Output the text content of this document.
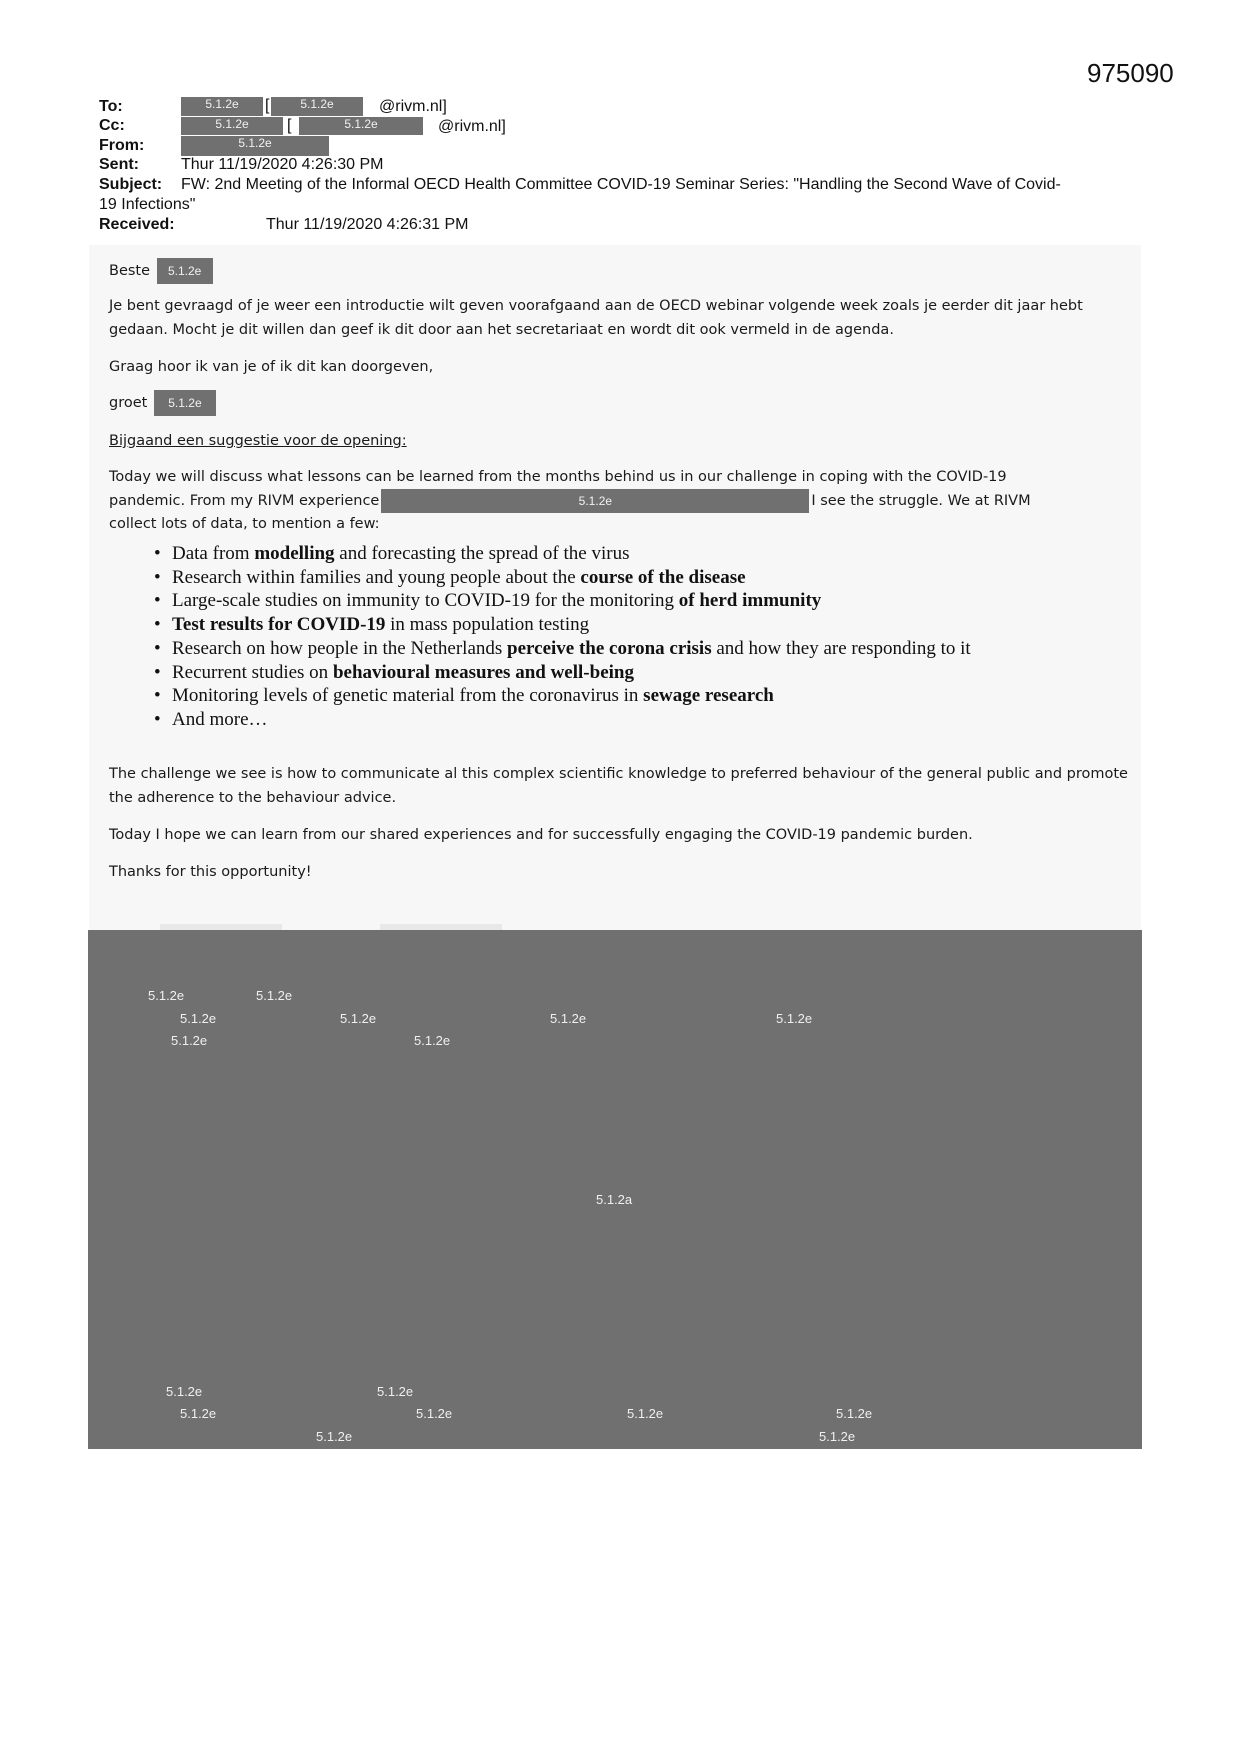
975090
To:	5.1.2e	[	5.1.2e	@rivm.nl]
Cc:	5.1.2e	[	5.1.2e	@rivm.nl]
From:	5.1.2e
Sent:	Thur 11/19/2020 4:26:30 PM
Subject: FW: 2nd Meeting of the Informal OECD Health Committee COVID-19 Seminar Series: "Handling the Second Wave of Covid-
19 Infections"
Received:	Thur 11/19/2020 4:26:31 PM
Beste 5.1.2e
Je bent gevraagd of je weer een introductie wilt geven voorafgaand aan de OECD webinar volgende week zoals je eerder dit jaar hebt gedaan. Mocht je dit willen dan geef ik dit door aan het secretariaat en wordt dit ook vermeld in de agenda.
Graag hoor ik van je of ik dit kan doorgeven,
groet 5.1.2e
Bijgaand een suggestie voor de opening:
Today we will discuss what lessons can be learned from the months behind us in our challenge in coping with the COVID-19
pandemic. From my RIVM experience	5.1.2e	I see the struggle. We at RIVM
collect lots of data, to mention a few:
• Data from modelling and forecasting the spread of the virus
• Research within families and young people about the course of the disease
• Large-scale studies on immunity to COVID-19 for the monitoring of herd immunity
• Test results for COVID-19 in mass population testing
• Research on how people in the Netherlands perceive the corona crisis and how they are responding to it
• Recurrent studies on behavioural measures and well-being
• Monitoring levels of genetic material from the coronavirus in sewage research
• And more…
The challenge we see is how to communicate al this complex scientific knowledge to preferred behaviour of the general public and promote the adherence to the behaviour advice.
Today I hope we can learn from our shared experiences and for successfully engaging the COVID-19 pandemic burden.
Thanks for this opportunity!
5.1.2e	5.1.2e
5.1.2e	5.1.2e	5.1.2e	5.1.2e
5.1.2e	5.1.2e
5.1.2a
5.1.2e	5.1.2e
5.1.2e	5.1.2e	5.1.2e	5.1.2e
5.1.2e	5.1.2e
